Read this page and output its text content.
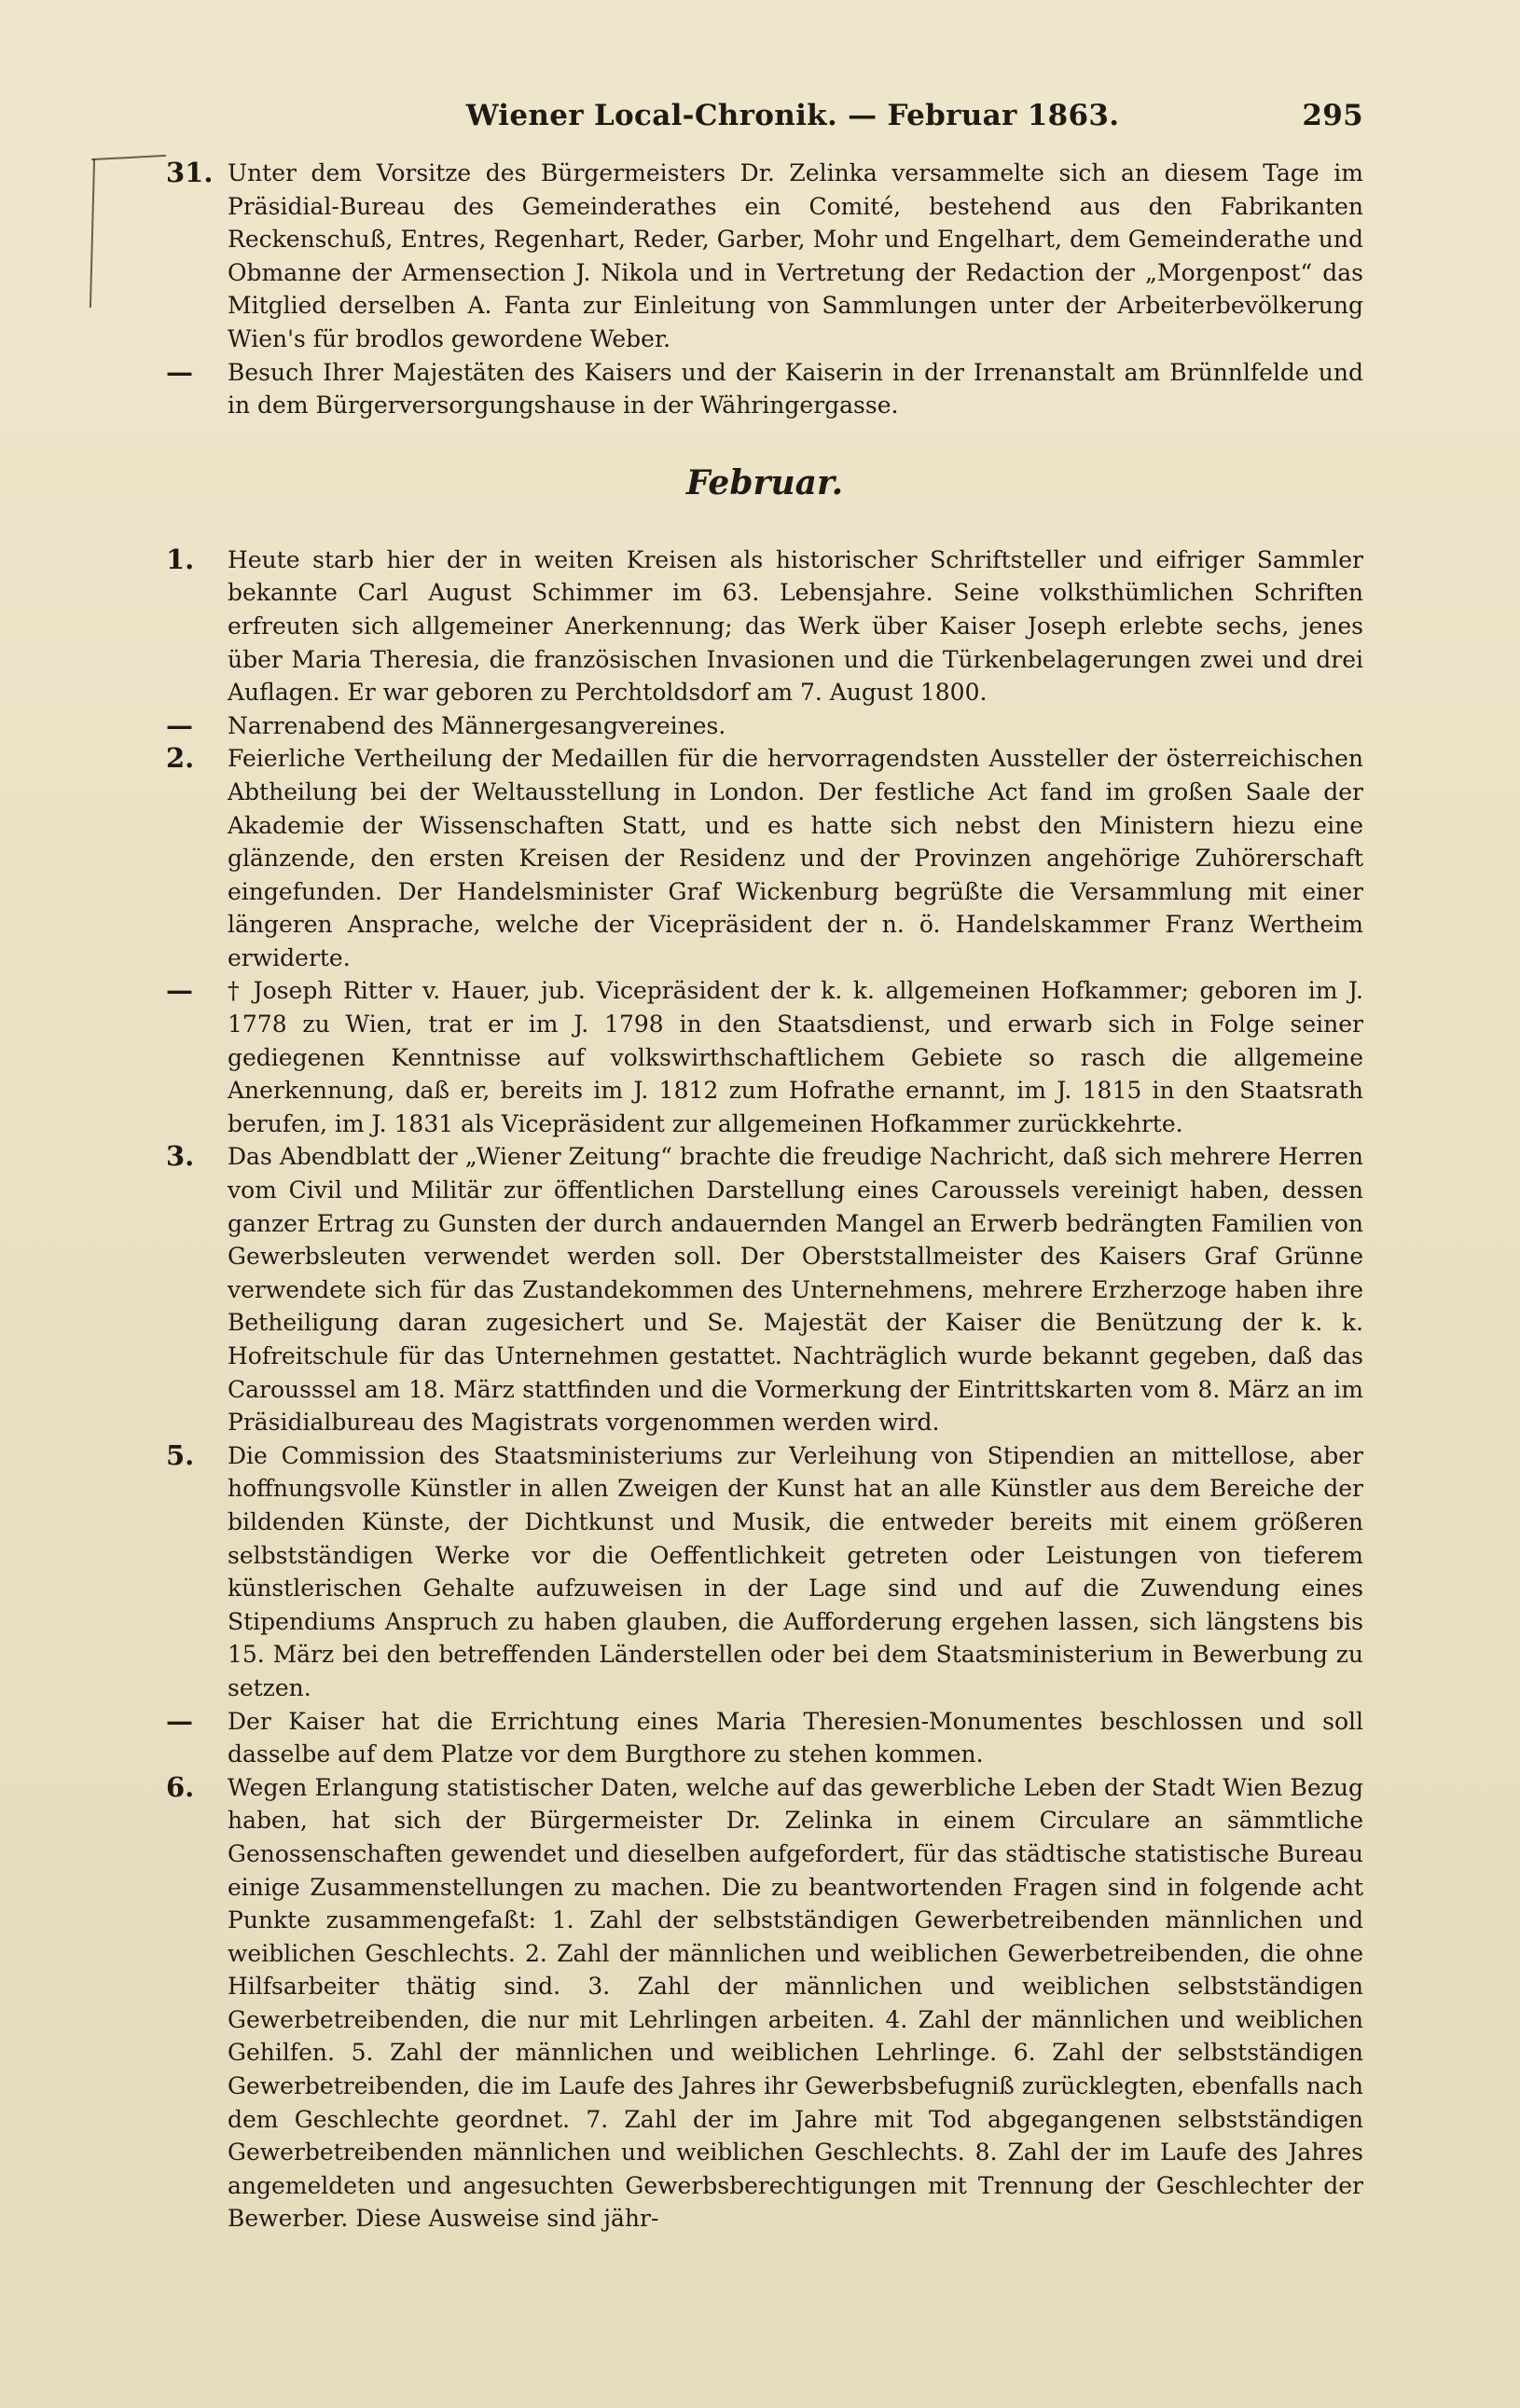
Wiener Local-Chronik. — Februar 1863.	295
31. Unter dem Vorsitze des Bürgermeisters Dr. Zelinka versammelte sich an diesem Tage im Präsidial-Bureau des Gemeinderathes ein Comité, bestehend aus den Fabrikanten Reckenschuß, Entres, Regenhart, Reder, Garber, Mohr und Engelhart, dem Gemeinderathe und Obmanne der Armensection J. Nikola und in Vertretung der Redaction der „Morgenpost“ das Mitglied derselben A. Fanta zur Einleitung von Sammlungen unter der Arbeiterbevölkerung Wien's für brodlos gewordene Weber.
—	Besuch Ihrer Majestäten des Kaisers und der Kaiserin in der Irrenanstalt am Brünnlfelde und in dem Bürgerversorgungshause in der Währingergasse.
Februar.
1.	Heute starb hier der in weiten Kreisen als historischer Schriftsteller und eifriger Sammler bekannte Carl August Schimmer im 63. Lebensjahre. Seine volksthümlichen Schriften erfreuten sich allgemeiner Anerkennung; das Werk über Kaiser Joseph erlebte sechs, jenes über Maria Theresia, die französischen Invasionen und die Türkenbelagerungen zwei und drei Auflagen. Er war geboren zu Perchtoldsdorf am 7. August 1800.
—	Narrenabend des Männergesangvereines.
2.	Feierliche Vertheilung der Medaillen für die hervorragendsten Aussteller der österreichischen Abtheilung bei der Weltausstellung in London. Der festliche Act fand im großen Saale der Akademie der Wissenschaften Statt, und es hatte sich nebst den Ministern hiezu eine glänzende, den ersten Kreisen der Residenz und der Provinzen angehörige Zuhörerschaft eingefunden. Der Handelsminister Graf Wickenburg begrüßte die Versammlung mit einer längeren Ansprache, welche der Vicepräsident der n. ö. Handelskammer Franz Wertheim erwiderte.
—	† Joseph Ritter v. Hauer, jub. Vicepräsident der k. k. allgemeinen Hofkammer; geboren im J. 1778 zu Wien, trat er im J. 1798 in den Staatsdienst, und erwarb sich in Folge seiner gediegenen Kenntnisse auf volkswirthschaftlichem Gebiete so rasch die allgemeine Anerkennung, daß er, bereits im J. 1812 zum Hofrathe ernannt, im J. 1815 in den Staatsrath berufen, im J. 1831 als Vicepräsident zur allgemeinen Hofkammer zurückkehrte.
3.	Das Abendblatt der „Wiener Zeitung“ brachte die freudige Nachricht, daß sich mehrere Herren vom Civil und Militär zur öffentlichen Darstellung eines Caroussels vereinigt haben, dessen ganzer Ertrag zu Gunsten der durch andauernden Mangel an Erwerb bedrängten Familien von Gewerbsleuten verwendet werden soll. Der Oberststallmeister des Kaisers Graf Grünne verwendete sich für das Zustandekommen des Unternehmens, mehrere Erzherzoge haben ihre Betheiligung daran zugesichert und Se. Majestät der Kaiser die Benützung der k. k. Hofreitschule für das Unternehmen gestattet. Nachträglich wurde bekannt gegeben, daß das Carousssel am 18. März stattfinden und die Vormerkung der Eintrittskarten vom 8. März an im Präsidialbureau des Magistrats vorgenommen werden wird.
5.	Die Commission des Staatsministeriums zur Verleihung von Stipendien an mittellose, aber hoffnungsvolle Künstler in allen Zweigen der Kunst hat an alle Künstler aus dem Bereiche der bildenden Künste, der Dichtkunst und Musik, die entweder bereits mit einem größeren selbstständigen Werke vor die Oeffentlichkeit getreten oder Leistungen von tieferem künstlerischen Gehalte aufzuweisen in der Lage sind und auf die Zuwendung eines Stipendiums Anspruch zu haben glauben, die Aufforderung ergehen lassen, sich längstens bis 15. März bei den betreffenden Länderstellen oder bei dem Staatsministerium in Bewerbung zu setzen.
—	Der Kaiser hat die Errichtung eines Maria Theresien-Monumentes beschlossen und soll dasselbe auf dem Platze vor dem Burgthore zu stehen kommen.
6.	Wegen Erlangung statistischer Daten, welche auf das gewerbliche Leben der Stadt Wien Bezug haben, hat sich der Bürgermeister Dr. Zelinka in einem Circulare an sämmtliche Genossenschaften gewendet und dieselben aufgefordert, für das städtische statistische Bureau einige Zusammenstellungen zu machen. Die zu beantwortenden Fragen sind in folgende acht Punkte zusammengefaßt: 1. Zahl der selbstständigen Gewerbetreibenden männlichen und weiblichen Geschlechts. 2. Zahl der männlichen und weiblichen Gewerbetreibenden, die ohne Hilfsarbeiter thätig sind. 3. Zahl der männlichen und weiblichen selbstständigen Gewerbetreibenden, die nur mit Lehrlingen arbeiten. 4. Zahl der männlichen und weiblichen Gehilfen. 5. Zahl der männlichen und weiblichen Lehrlinge. 6. Zahl der selbstständigen Gewerbetreibenden, die im Laufe des Jahres ihr Gewerbsbefugniß zurücklegten, ebenfalls nach dem Geschlechte geordnet. 7. Zahl der im Jahre mit Tod abgegangenen selbstständigen Gewerbetreibenden männlichen und weiblichen Geschlechts. 8. Zahl der im Laufe des Jahres angemeldeten und angesuchten Gewerbsberechtigungen mit Trennung der Geschlechter der Bewerber. Diese Ausweise sind jähr-
